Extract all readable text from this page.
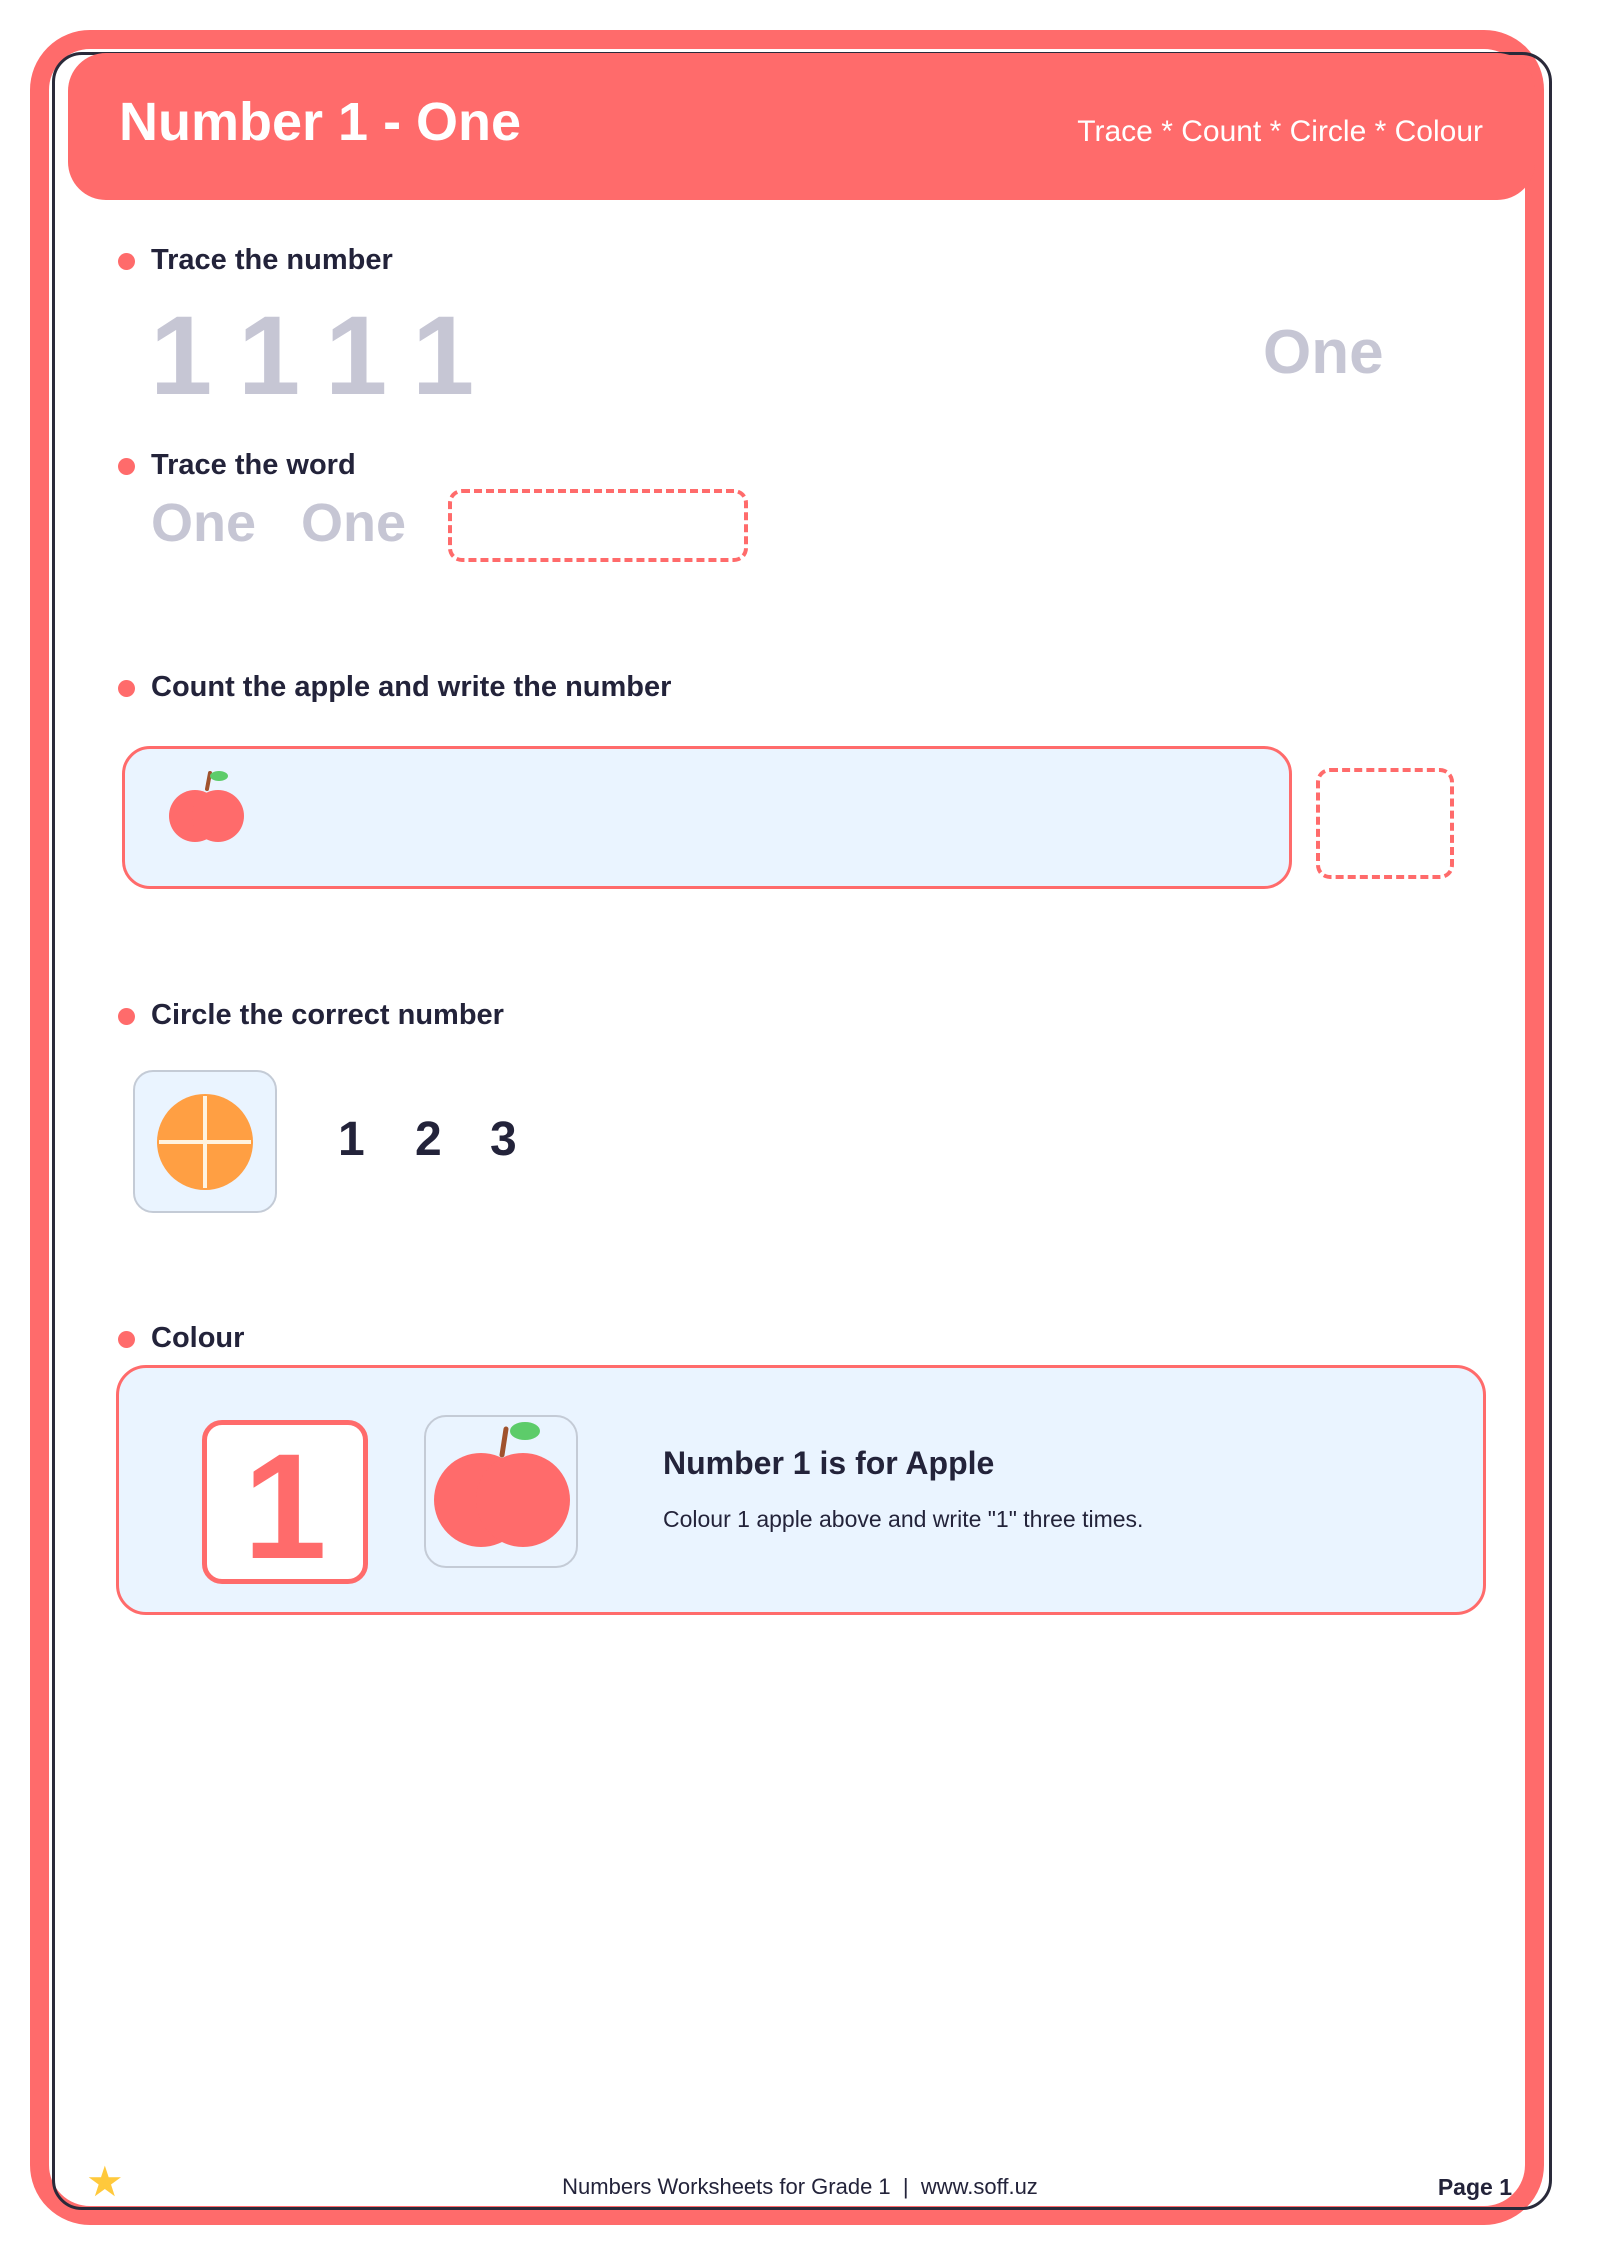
Number 1 - One	Trace * Count * Circle * Colour
Trace the number
1 1 1 1	One
Trace the word
One One
Count the apple and write the number
Circle the correct number
1 2 3
Colour
1	Number 1 is for Apple
Colour 1 apple above and write "1" three times.
★	Numbers Worksheets for Grade 1  |  www.soff.uz	Page 1
